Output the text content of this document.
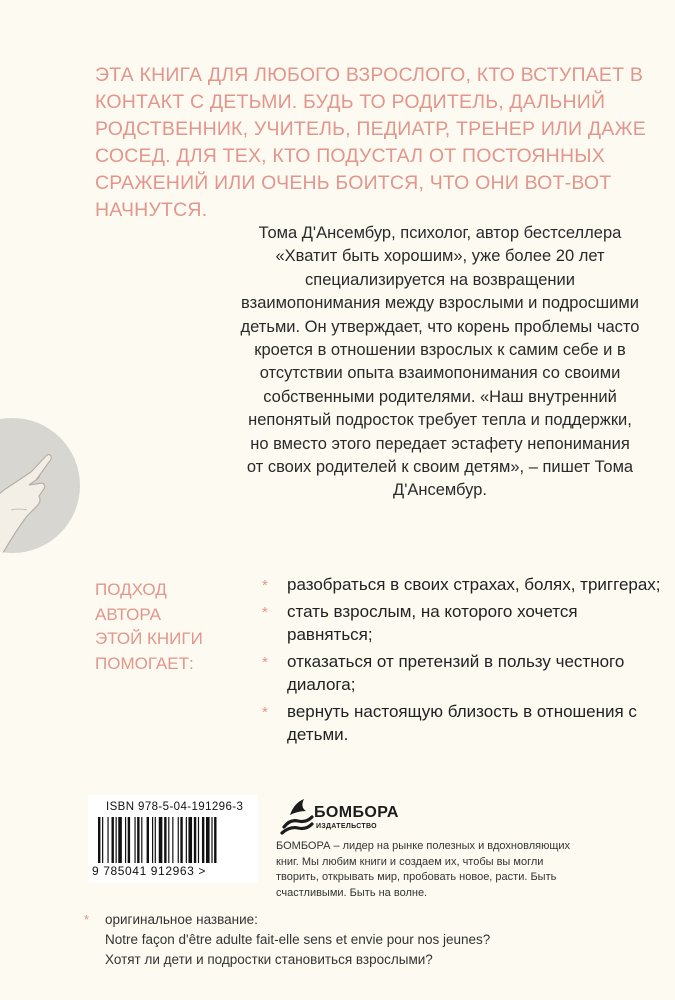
ЭТА КНИГА ДЛЯ ЛЮБОГО ВЗРОСЛОГО, КТО ВСТУПАЕТ В КОНТАКТ С ДЕТЬМИ. БУДЬ ТО РОДИТЕЛЬ, ДАЛЬНИЙ РОДСТВЕННИК, УЧИТЕЛЬ, ПЕДИАТР, ТРЕНЕР ИЛИ ДАЖЕ СОСЕД. ДЛЯ ТЕХ, КТО ПОДУСТАЛ ОТ ПОСТОЯННЫХ СРАЖЕНИЙ ИЛИ ОЧЕНЬ БОИТСЯ, ЧТО ОНИ ВОТ-ВОТ НАЧНУТСЯ.

Тома Д'Ансембур, психолог, автор бестселлера «Хватит быть хорошим», уже более 20 лет специализируется на возвращении взаимопонимания между взрослыми и подросшими детьми. Он утверждает, что корень проблемы часто кроется в отношении взрослых к самим себе и в отсутствии опыта взаимопонимания со своими собственными родителями. «Наш внутренний непонятый подросток требует тепла и поддержки, но вместо этого передает эстафету непонимания от своих родителей к своим детям», – пишет Тома Д'Ансембур.

ПОДХОД
АВТОРА
ЭТОЙ КНИГИ
ПОМОГАЕТ:
* разобраться в своих страхах, болях, триггерах;
* стать взрослым, на которого хочется равняться;
* отказаться от претензий в пользу честного диалога;
* вернуть настоящую близость в отношения с детьми.
ISBN 978-5-04-191296-3
9 785041 912963 >
БОМБОРА
ИЗДАТЕЛЬСТВО

БОМБОРА – лидер на рынке полезных и вдохновляющих книг. Мы любим книги и создаем их, чтобы вы могли творить, открывать мир, пробовать новое, расти. Быть счастливыми. Быть на волне.

* оригинальное название:
Notre façon d'être adulte fait-elle sens et envie pour nos jeunes?
Хотят ли дети и подростки становиться взрослыми?
